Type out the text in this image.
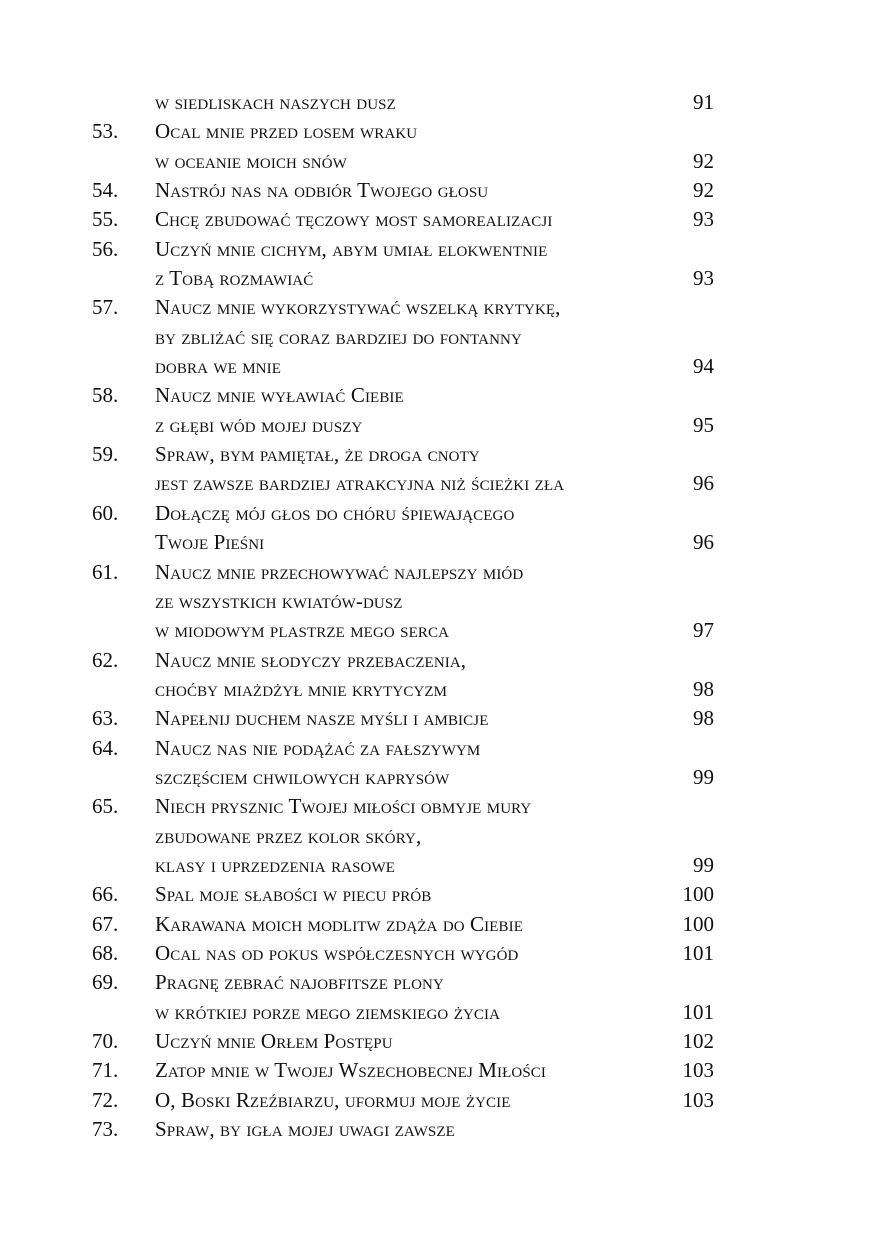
w siedliskach naszych dusz	91
53. Ocal mnie przed losem wraku
w oceanie moich snów	92
54. Nastrój nas na odbiór Twojego głosu	92
55. Chcę zbudować tęczowy most samorealizacji	93
56. Uczyń mnie cichym, abym umiał elokwentnie
z Tobą rozmawiać	93
57. Naucz mnie wykorzystywać wszelką krytykę,
by zbliżać się coraz bardziej do fontanny
dobra we mnie	94
58. Naucz mnie wyławiać Ciebie
z głębi wód mojej duszy	95
59. Spraw, bym pamiętał, że droga cnoty
jest zawsze bardziej atrakcyjna niż ścieżki zła	96
60. Dołączę mój głos do chóru śpiewającego
Twoje Pieśni	96
61. Naucz mnie przechowywać najlepszy miód
ze wszystkich kwiatów-dusz
w miodowym plastrze mego serca	97
62. Naucz mnie słodyczy przebaczenia,
choćby miażdżył mnie krytycyzm	98
63. Napełnij duchem nasze myśli i ambicje	98
64. Naucz nas nie podążać za fałszywym
szczęściem chwilowych kaprysów	99
65. Niech prysznic Twojej miłości obmyje mury
zbudowane przez kolor skóry,
klasy i uprzedzenia rasowe	99
66. Spal moje słabości w piecu prób	100
67. Karawana moich modlitw zdąża do Ciebie	100
68. Ocal nas od pokus współczesnych wygód	101
69. Pragnę zebrać najobfitsze plony
w krótkiej porze mego ziemskiego życia	101
70. Uczyń mnie Orłem Postępu	102
71. Zatop mnie w Twojej Wszechobecnej Miłości	103
72. O, Boski Rzeźbiarzu, uformuj moje życie	103
73. Spraw, by igła mojej uwagi zawsze
